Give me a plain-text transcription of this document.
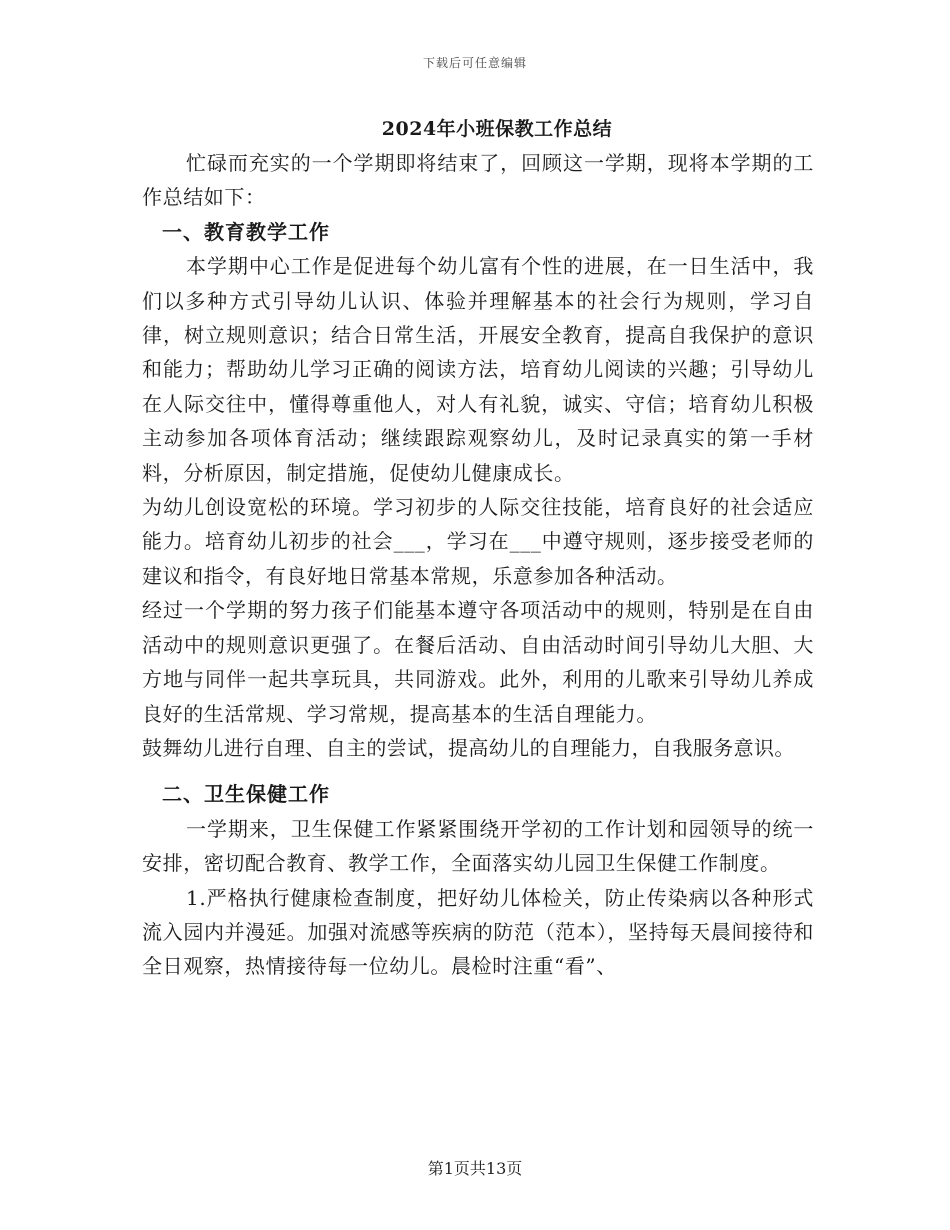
下载后可任意编辑
2024年小班保教工作总结

忙碌而充实的一个学期即将结束了，回顾这一学期，现将本学期的工作总结如下：

一、教育教学工作

本学期中心工作是促进每个幼儿富有个性的进展，在一日生活中，我们以多种方式引导幼儿认识、体验并理解基本的社会行为规则，学习自律，树立规则意识；结合日常生活，开展安全教育，提高自我保护的意识和能力；帮助幼儿学习正确的阅读方法，培育幼儿阅读的兴趣；引导幼儿在人际交往中，懂得尊重他人，对人有礼貌，诚实、守信；培育幼儿积极主动参加各项体育活动；继续跟踪观察幼儿，及时记录真实的第一手材料，分析原因，制定措施，促使幼儿健康成长。

为幼儿创设宽松的环境。学习初步的人际交往技能，培育良好的社会适应能力。培育幼儿初步的社会___，学习在___中遵守规则，逐步接受老师的建议和指令，有良好地日常基本常规，乐意参加各种活动。

经过一个学期的努力孩子们能基本遵守各项活动中的规则，特别是在自由活动中的规则意识更强了。在餐后活动、自由活动时间引导幼儿大胆、大方地与同伴一起共享玩具，共同游戏。此外，利用的儿歌来引导幼儿养成良好的生活常规、学习常规，提高基本的生活自理能力。

鼓舞幼儿进行自理、自主的尝试，提高幼儿的自理能力，自我服务意识。

二、卫生保健工作

一学期来，卫生保健工作紧紧围绕开学初的工作计划和园领导的统一安排，密切配合教育、教学工作，全面落实幼儿园卫生保健工作制度。

1.严格执行健康检查制度，把好幼儿体检关，防止传染病以各种形式流入园内并漫延。加强对流感等疾病的防范（范本），坚持每天晨间接待和全日观察，热情接待每一位幼儿。晨检时注重“看”、

第1页共13页
